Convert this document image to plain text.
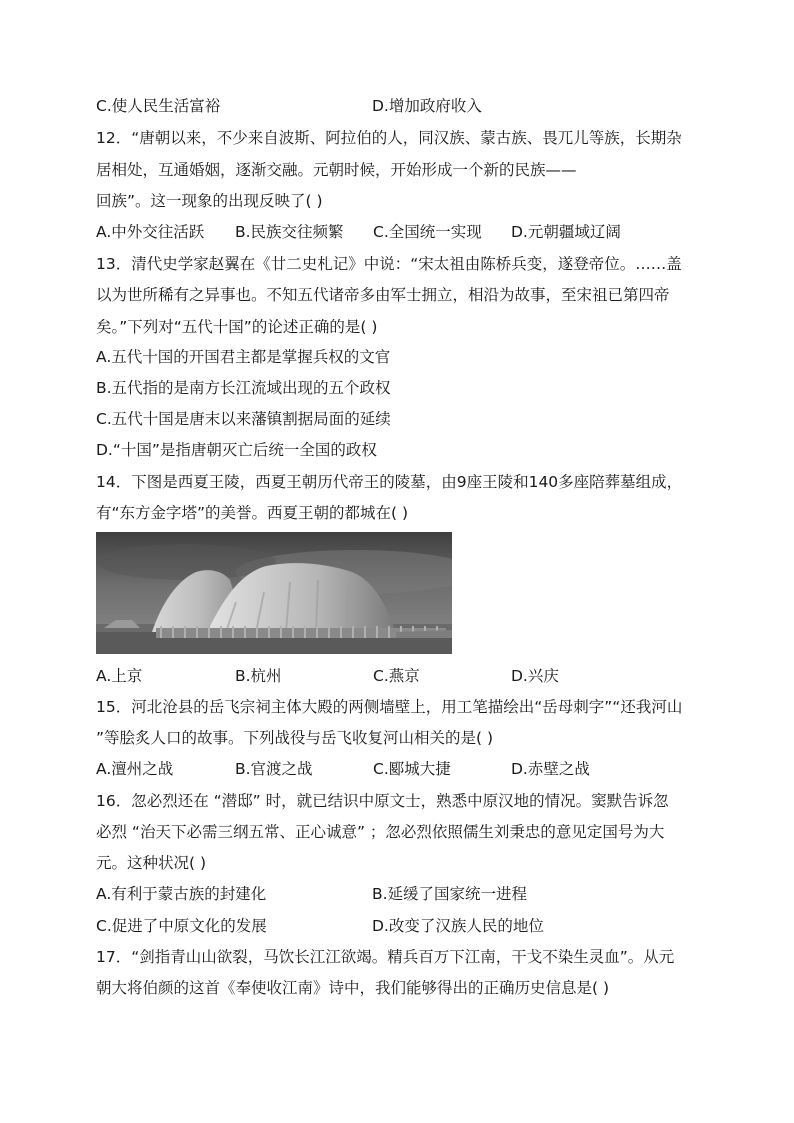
C.使人民生活富裕	D.增加政府收入
12．“唐朝以来，不少来自波斯、阿拉伯的人，同汉族、蒙古族、畏兀儿等族，长期杂
居相处，互通婚姻，逐渐交融。元朝时候，开始形成一个新的民族——
回族”。这一现象的出现反映了( )
A.中外交往活跃 B.民族交往频繁 C.全国统一实现 D.元朝疆域辽阔
13．清代史学家赵翼在《廿二史札记》中说：“宋太祖由陈桥兵变，遂登帝位。……盖
以为世所稀有之异事也。不知五代诸帝多由军士拥立，相沿为故事，至宋祖已第四帝
矣。”下列对“五代十国”的论述正确的是( )
A.五代十国的开国君主都是掌握兵权的文官
B.五代指的是南方长江流域出现的五个政权
C.五代十国是唐末以来藩镇割据局面的延续
D.“十国”是指唐朝灭亡后统一全国的政权
14．下图是西夏王陵，西夏王朝历代帝王的陵墓，由9座王陵和140多座陪葬墓组成，
有“东方金字塔”的美誉。西夏王朝的都城在( )
A.上京	B.杭州	C.燕京	D.兴庆
15．河北沧县的岳飞宗祠主体大殿的两侧墙壁上，用工笔描绘出“岳母刺字”“还我河山
”等脍炙人口的故事。下列战役与岳飞收复河山相关的是( )
A.澶州之战	B.官渡之战	C.郾城大捷	D.赤壁之战
16．忽必烈还在 “潜邸” 时，就已结识中原文士，熟悉中原汉地的情况。窦默告诉忽
必烈 “治天下必需三纲五常、正心诚意” ；忽必烈依照儒生刘秉忠的意见定国号为大
元。这种状况( )
A.有利于蒙古族的封建化	B.延缓了国家统一进程
C.促进了中原文化的发展	D.改变了汉族人民的地位
17．“剑指青山山欲裂，马饮长江江欲竭。精兵百万下江南，干戈不染生灵血”。从元
朝大将伯颜的这首《奉使收江南》诗中，我们能够得出的正确历史信息是( )
